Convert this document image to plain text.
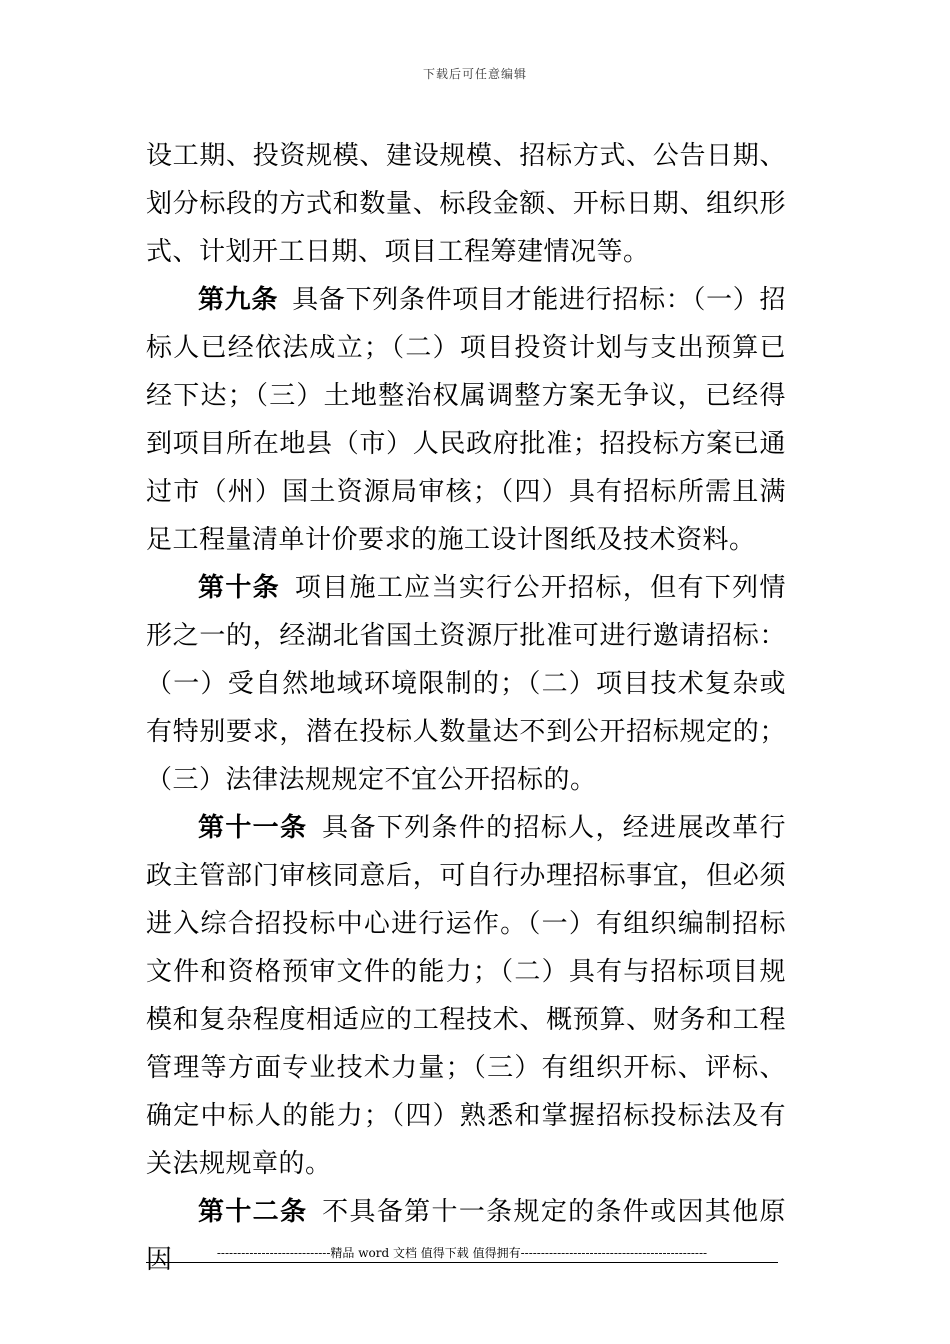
下载后可任意编辑

设工期、投资规模、建设规模、招标方式、公告日期、划分标段的方式和数量、标段金额、开标日期、组织形式、计划开工日期、项目工程筹建情况等。

第九条 具备下列条件项目才能进行招标：（一）招标人已经依法成立；（二）项目投资计划与支出预算已经下达；（三）土地整治权属调整方案无争议，已经得到项目所在地县（市）人民政府批准；招投标方案已通过市（州）国土资源局审核；（四）具有招标所需且满足工程量清单计价要求的施工设计图纸及技术资料。

第十条 项目施工应当实行公开招标，但有下列情形之一的，经湖北省国土资源厅批准可进行邀请招标：（一）受自然地域环境限制的；（二）项目技术复杂或有特别要求，潜在投标人数量达不到公开招标规定的；（三）法律法规规定不宜公开招标的。

第十一条 具备下列条件的招标人，经进展改革行政主管部门审核同意后，可自行办理招标事宜，但必须进入综合招投标中心进行运作。（一）有组织编制招标文件和资格预审文件的能力；（二）具有与招标项目规模和复杂程度相适应的工程技术、概预算、财务和工程管理等方面专业技术力量；（三）有组织开标、评标、确定中标人的能力；（四）熟悉和掌握招标投标法及有关法规规章的。

第十二条 不具备第十一条规定的条件或因其他原因	----------------------------精品 word 文档 值得下载 值得拥有----------------------------------------------
